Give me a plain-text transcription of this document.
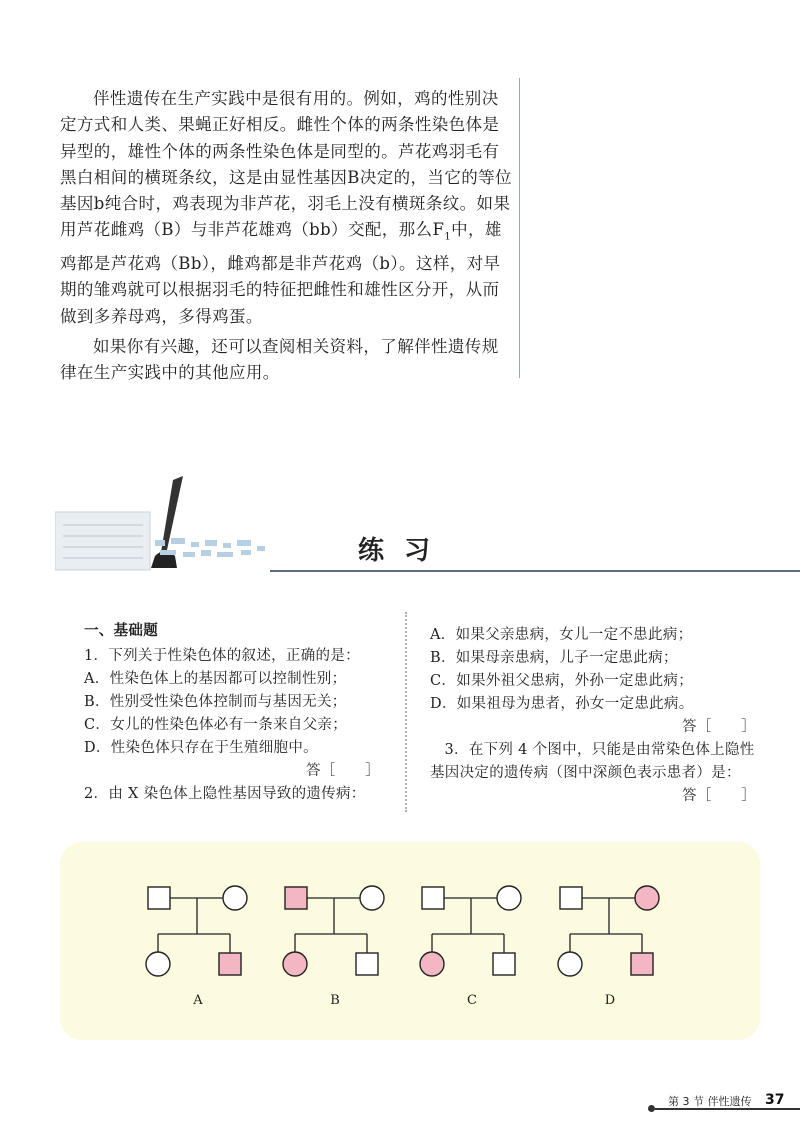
伴性遗传在生产实践中是很有用的。例如，鸡的性别决定方式和人类、果蝇正好相反。雌性个体的两条性染色体是异型的，雄性个体的两条性染色体是同型的。芦花鸡羽毛有黑白相间的横斑条纹，这是由显性基因B决定的，当它的等位基因b纯合时，鸡表现为非芦花，羽毛上没有横斑条纹。如果用芦花雌鸡（B）与非芦花雄鸡（bb）交配，那么$F_1$中，雄鸡都是芦花鸡（Bb），雌鸡都是非芦花鸡（b）。这样，对早期的雏鸡就可以根据羽毛的特征把雌性和雄性区分开，从而做到多养母鸡，多得鸡蛋。

如果你有兴趣，还可以查阅相关资料，了解伴性遗传规律在生产实践中的其他应用。

练习

一、基础题

1．下列关于性染色体的叙述，正确的是：

A．性染色体上的基因都可以控制性别；

B．性别受性染色体控制而与基因无关；

C．女儿的性染色体必有一条来自父亲；

D．性染色体只存在于生殖细胞中。

答［　　］

2．由 X 染色体上隐性基因导致的遗传病：

A．如果父亲患病，女儿一定不患此病；

B．如果母亲患病，儿子一定患此病；

C．如果外祖父患病，外孙一定患此病；

D．如果祖母为患者，孙女一定患此病。

答［　　］

3．在下列 4 个图中，只能是由常染色体上隐性基因决定的遗传病（图中深颜色表示患者）是：

答［　　］

A	B	C	D
第 3 节 伴性遗传 37
